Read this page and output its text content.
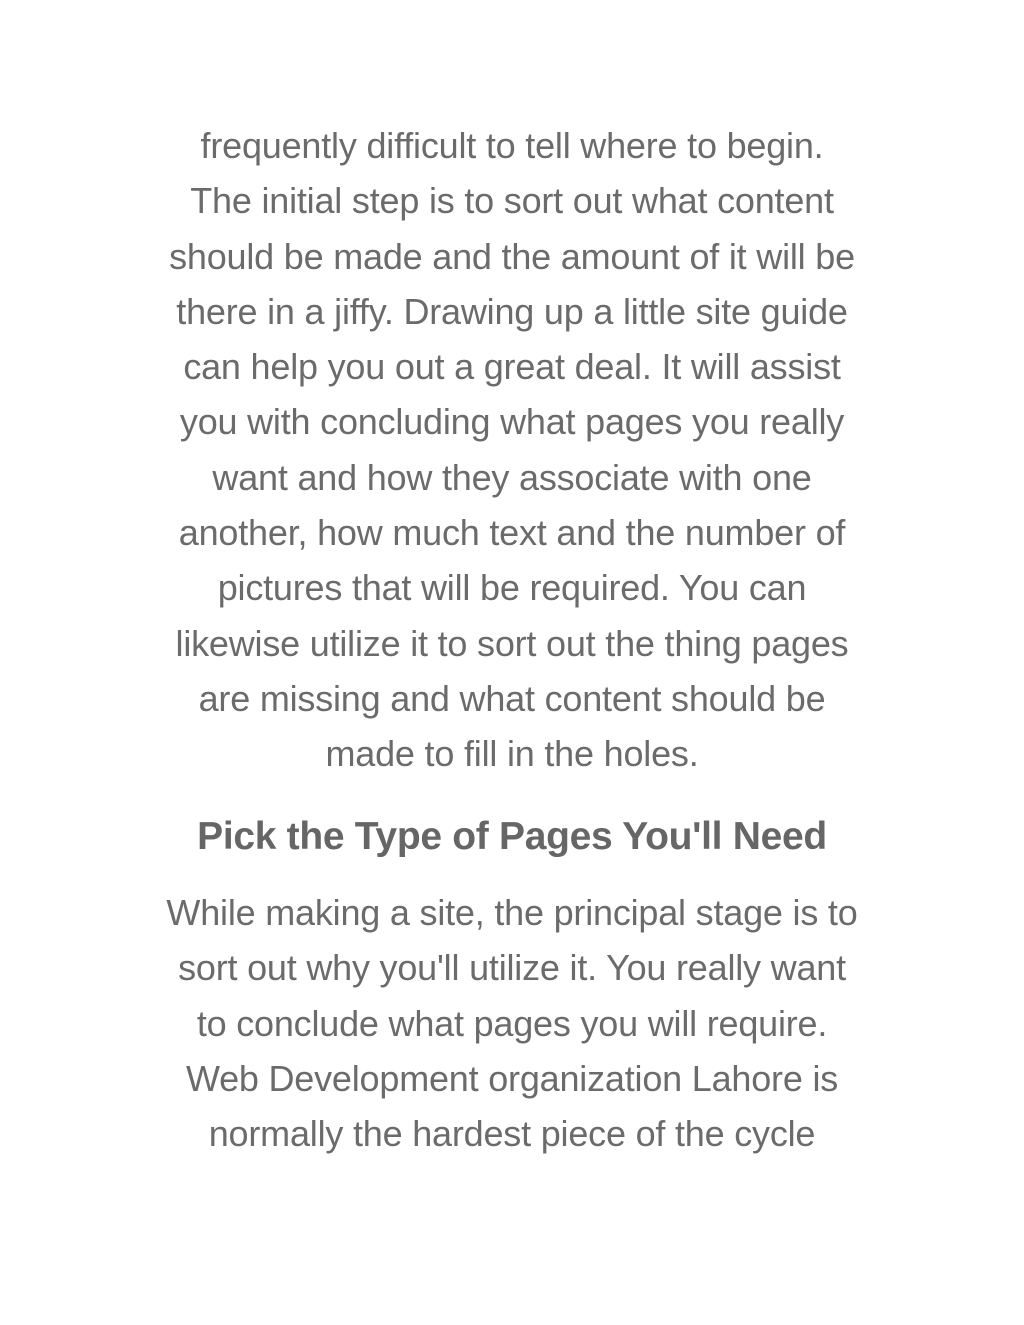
frequently difficult to tell where to begin.
The initial step is to sort out what content
should be made and the amount of it will be
there in a jiffy. Drawing up a little site guide
can help you out a great deal. It will assist
you with concluding what pages you really
want and how they associate with one
another, how much text and the number of
pictures that will be required. You can
likewise utilize it to sort out the thing pages
are missing and what content should be
made to fill in the holes.
Pick the Type of Pages You'll Need
While making a site, the principal stage is to
sort out why you'll utilize it. You really want
to conclude what pages you will require.
Web Development organization Lahore is
normally the hardest piece of the cycle
